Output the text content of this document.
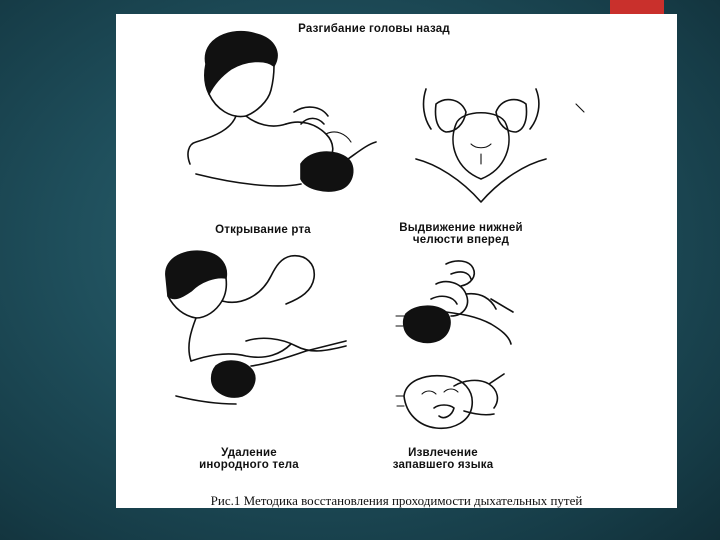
Разгибание головы назад
Открывание рта	Выдвижение нижней
челюсти вперед
Удаление
инородного тела
Извлечение
запавшего языка
Рис.1 Методика восстановления проходимости дыхательных путей
